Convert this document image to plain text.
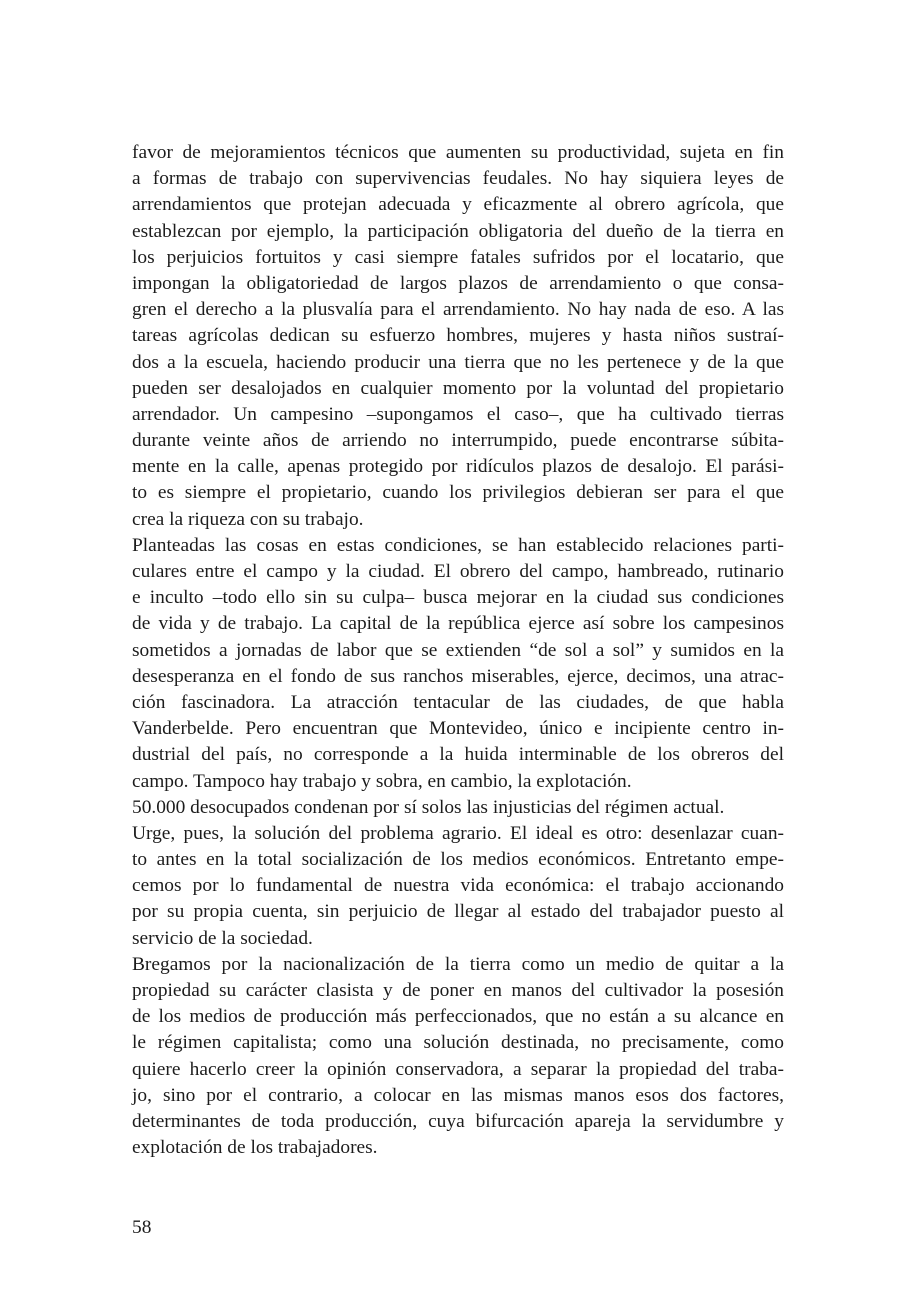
favor de mejoramientos técnicos que aumenten su productividad, sujeta en fin
a formas de trabajo con supervivencias feudales. No hay siquiera leyes de
arrendamientos que protejan adecuada y eficazmente al obrero agrícola, que
establezcan por ejemplo, la participación obligatoria del dueño de la tierra en
los perjuicios fortuitos y casi siempre fatales sufridos por el locatario, que
impongan la obligatoriedad de largos plazos de arrendamiento o que consa-
gren el derecho a la plusvalía para el arrendamiento. No hay nada de eso. A las
tareas agrícolas dedican su esfuerzo hombres, mujeres y hasta niños sustraí-
dos a la escuela, haciendo producir una tierra que no les pertenece y de la que
pueden ser desalojados en cualquier momento por la voluntad del propietario
arrendador. Un campesino –supongamos el caso–, que ha cultivado tierras
durante veinte años de arriendo no interrumpido, puede encontrarse súbita-
mente en la calle, apenas protegido por ridículos plazos de desalojo. El parási-
to es siempre el propietario, cuando los privilegios debieran ser para el que
crea la riqueza con su trabajo.
Planteadas las cosas en estas condiciones, se han establecido relaciones parti-
culares entre el campo y la ciudad. El obrero del campo, hambreado, rutinario
e inculto –todo ello sin su culpa– busca mejorar en la ciudad sus condiciones
de vida y de trabajo. La capital de la república ejerce así sobre los campesinos
sometidos a jornadas de labor que se extienden “de sol a sol” y sumidos en la
desesperanza en el fondo de sus ranchos miserables, ejerce, decimos, una atrac-
ción fascinadora. La atracción tentacular de las ciudades, de que habla
Vanderbelde. Pero encuentran que Montevideo, único e incipiente centro in-
dustrial del país, no corresponde a la huida interminable de los obreros del
campo. Tampoco hay trabajo y sobra, en cambio, la explotación.
50.000 desocupados condenan por sí solos las injusticias del régimen actual.
Urge, pues, la solución del problema agrario. El ideal es otro: desenlazar cuan-
to antes en la total socialización de los medios económicos. Entretanto empe-
cemos por lo fundamental de nuestra vida económica: el trabajo accionando
por su propia cuenta, sin perjuicio de llegar al estado del trabajador puesto al
servicio de la sociedad.
Bregamos por la nacionalización de la tierra como un medio de quitar a la
propiedad su carácter clasista y de poner en manos del cultivador la posesión
de los medios de producción más perfeccionados, que no están a su alcance en
le régimen capitalista; como una solución destinada, no precisamente, como
quiere hacerlo creer la opinión conservadora, a separar la propiedad del traba-
jo, sino por el contrario, a colocar en las mismas manos esos dos factores,
determinantes de toda producción, cuya bifurcación apareja la servidumbre y
explotación de los trabajadores.
58
